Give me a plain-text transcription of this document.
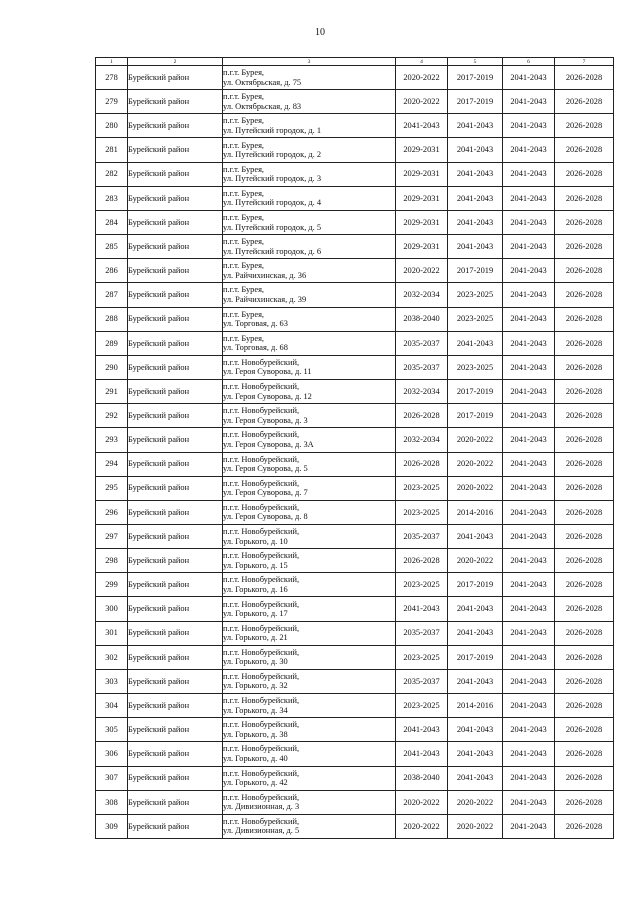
10
1	2	3	4	5	6	7
278	Бурейский район	п.г.т. Бурея,
ул. Октябрьская, д. 75	2020-2022	2017-2019	2041-2043	2026-2028
279	Бурейский район	п.г.т. Бурея,
ул. Октябрьская, д. 83	2020-2022	2017-2019	2041-2043	2026-2028
280	Бурейский район	п.г.т. Бурея,
ул. Путейский городок, д. 1	2041-2043	2041-2043	2041-2043	2026-2028
281	Бурейский район	п.г.т. Бурея,
ул. Путейский городок, д. 2	2029-2031	2041-2043	2041-2043	2026-2028
282	Бурейский район	п.г.т. Бурея,
ул. Путейский городок, д. 3	2029-2031	2041-2043	2041-2043	2026-2028
283	Бурейский район	п.г.т. Бурея,
ул. Путейский городок, д. 4	2029-2031	2041-2043	2041-2043	2026-2028
284	Бурейский район	п.г.т. Бурея,
ул. Путейский городок, д. 5	2029-2031	2041-2043	2041-2043	2026-2028
285	Бурейский район	п.г.т. Бурея,
ул. Путейский городок, д. 6	2029-2031	2041-2043	2041-2043	2026-2028
286	Бурейский район	п.г.т. Бурея,
ул. Райчихинская, д. 36	2020-2022	2017-2019	2041-2043	2026-2028
287	Бурейский район	п.г.т. Бурея,
ул. Райчихинская, д. 39	2032-2034	2023-2025	2041-2043	2026-2028
288	Бурейский район	п.г.т. Бурея,
ул. Торговая, д. 63	2038-2040	2023-2025	2041-2043	2026-2028
289	Бурейский район	п.г.т. Бурея,
ул. Торговая, д. 68	2035-2037	2041-2043	2041-2043	2026-2028
290	Бурейский район	п.г.т. Новобурейский,
ул. Героя Суворова, д. 11	2035-2037	2023-2025	2041-2043	2026-2028
291	Бурейский район	п.г.т. Новобурейский,
ул. Героя Суворова, д. 12	2032-2034	2017-2019	2041-2043	2026-2028
292	Бурейский район	п.г.т. Новобурейский,
ул. Героя Суворова, д. 3	2026-2028	2017-2019	2041-2043	2026-2028
293	Бурейский район	п.г.т. Новобурейский,
ул. Героя Суворова, д. 3А	2032-2034	2020-2022	2041-2043	2026-2028
294	Бурейский район	п.г.т. Новобурейский,
ул. Героя Суворова, д. 5	2026-2028	2020-2022	2041-2043	2026-2028
295	Бурейский район	п.г.т. Новобурейский,
ул. Героя Суворова, д. 7	2023-2025	2020-2022	2041-2043	2026-2028
296	Бурейский район	п.г.т. Новобурейский,
ул. Героя Суворова, д. 8	2023-2025	2014-2016	2041-2043	2026-2028
297	Бурейский район	п.г.т. Новобурейский,
ул. Горького, д. 10	2035-2037	2041-2043	2041-2043	2026-2028
298	Бурейский район	п.г.т. Новобурейский,
ул. Горького, д. 15	2026-2028	2020-2022	2041-2043	2026-2028
299	Бурейский район	п.г.т. Новобурейский,
ул. Горького, д. 16	2023-2025	2017-2019	2041-2043	2026-2028
300	Бурейский район	п.г.т. Новобурейский,
ул. Горького, д. 17	2041-2043	2041-2043	2041-2043	2026-2028
301	Бурейский район	п.г.т. Новобурейский,
ул. Горького, д. 21	2035-2037	2041-2043	2041-2043	2026-2028
302	Бурейский район	п.г.т. Новобурейский,
ул. Горького, д. 30	2023-2025	2017-2019	2041-2043	2026-2028
303	Бурейский район	п.г.т. Новобурейский,
ул. Горького, д. 32	2035-2037	2041-2043	2041-2043	2026-2028
304	Бурейский район	п.г.т. Новобурейский,
ул. Горького, д. 34	2023-2025	2014-2016	2041-2043	2026-2028
305	Бурейский район	п.г.т. Новобурейский,
ул. Горького, д. 38	2041-2043	2041-2043	2041-2043	2026-2028
306	Бурейский район	п.г.т. Новобурейский,
ул. Горького, д. 40	2041-2043	2041-2043	2041-2043	2026-2028
307	Бурейский район	п.г.т. Новобурейский,
ул. Горького, д. 42	2038-2040	2041-2043	2041-2043	2026-2028
308	Бурейский район	п.г.т. Новобурейский,
ул. Дивизионная, д. 3	2020-2022	2020-2022	2041-2043	2026-2028
309	Бурейский район	п.г.т. Новобурейский,
ул. Дивизионная, д. 5	2020-2022	2020-2022	2041-2043	2026-2028
